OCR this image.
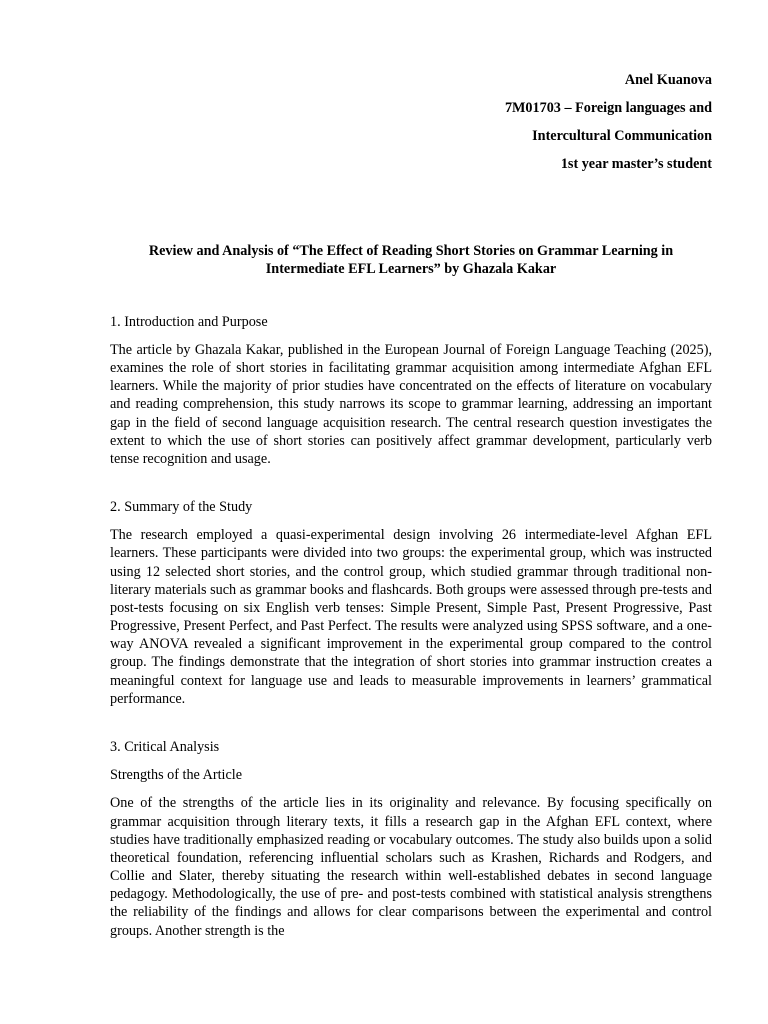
Anel Kuanova
7M01703 – Foreign languages and
Intercultural Communication
1st year master’s student
Review and Analysis of “The Effect of Reading Short Stories on Grammar Learning in
Intermediate EFL Learners” by Ghazala Kakar
1. Introduction and Purpose

The article by Ghazala Kakar, published in the European Journal of Foreign Language Teaching (2025), examines the role of short stories in facilitating grammar acquisition among intermediate Afghan EFL learners. While the majority of prior studies have concentrated on the effects of literature on vocabulary and reading comprehension, this study narrows its scope to grammar learning, addressing an important gap in the field of second language acquisition research. The central research question investigates the extent to which the use of short stories can positively affect grammar development, particularly verb tense recognition and usage.

2. Summary of the Study

The research employed a quasi-experimental design involving 26 intermediate-level Afghan EFL learners. These participants were divided into two groups: the experimental group, which was instructed using 12 selected short stories, and the control group, which studied grammar through traditional non-literary materials such as grammar books and flashcards. Both groups were assessed through pre-tests and post-tests focusing on six English verb tenses: Simple Present, Simple Past, Present Progressive, Past Progressive, Present Perfect, and Past Perfect. The results were analyzed using SPSS software, and a one-way ANOVA revealed a significant improvement in the experimental group compared to the control group. The findings demonstrate that the integration of short stories into grammar instruction creates a meaningful context for language use and leads to measurable improvements in learners’ grammatical performance.

3. Critical Analysis
Strengths of the Article

One of the strengths of the article lies in its originality and relevance. By focusing specifically on grammar acquisition through literary texts, it fills a research gap in the Afghan EFL context, where studies have traditionally emphasized reading or vocabulary outcomes. The study also builds upon a solid theoretical foundation, referencing influential scholars such as Krashen, Richards and Rodgers, and Collie and Slater, thereby situating the research within well-established debates in second language pedagogy. Methodologically, the use of pre- and post-tests combined with statistical analysis strengthens the reliability of the findings and allows for clear comparisons between the experimental and control groups. Another strength is the
